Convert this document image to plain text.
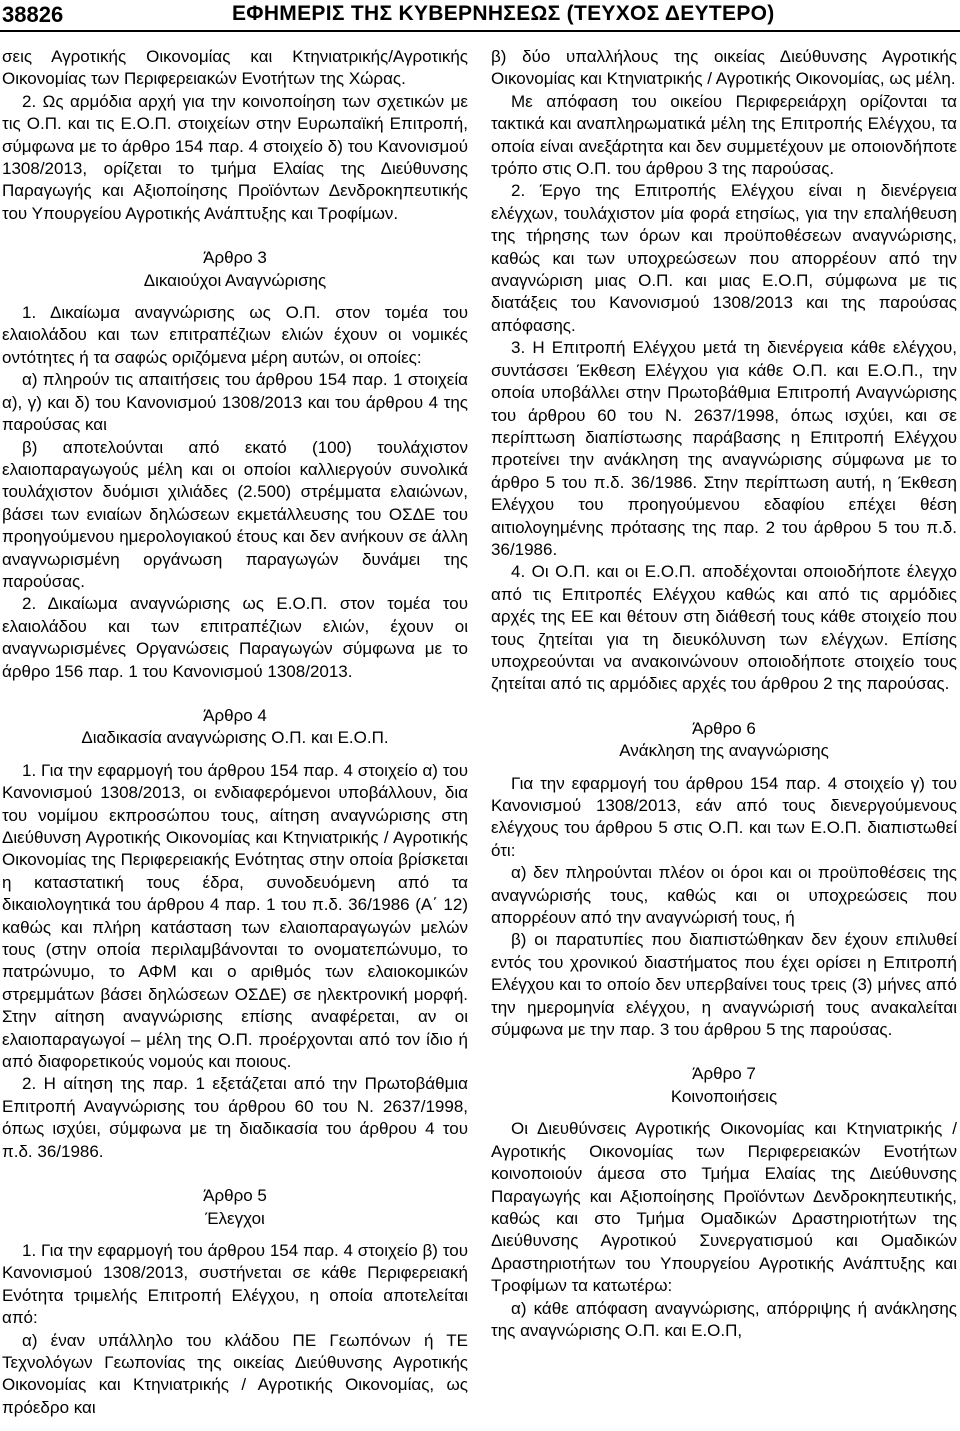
38826	ΕΦΗΜΕΡΙΣ ΤΗΣ ΚΥΒΕΡΝΗΣΕΩΣ (ΤΕΥΧΟΣ ΔΕΥΤΕΡΟ)

σεις Αγροτικής Οικονομίας και Κτηνιατρικής/Αγροτικής Οικονομίας των Περιφερειακών Ενοτήτων της Χώρας.

2. Ως αρμόδια αρχή για την κοινοποίηση των σχετικών με τις Ο.Π. και τις Ε.Ο.Π. στοιχείων στην Ευρωπαϊκή Επιτροπή, σύμφωνα με το άρθρο 154 παρ. 4 στοιχείο δ) του Κανονισμού 1308/2013, ορίζεται το τμήμα Ελαίας της Διεύθυνσης Παραγωγής και Αξιοποίησης Προϊόντων Δενδροκηπευτικής του Υπουργείου Αγροτικής Ανάπτυξης και Τροφίμων.

Άρθρο 3
Δικαιούχοι Αναγνώρισης

1. Δικαίωμα αναγνώρισης ως Ο.Π. στον τομέα του ελαιολάδου και των επιτραπέζιων ελιών έχουν οι νομικές οντότητες ή τα σαφώς οριζόμενα μέρη αυτών, οι οποίες:

α) πληρούν τις απαιτήσεις του άρθρου 154 παρ. 1 στοιχεία α), γ) και δ) του Κανονισμού 1308/2013 και του άρθρου 4 της παρούσας και

β) αποτελούνται από εκατό (100) τουλάχιστον ελαιοπαραγωγούς μέλη και οι οποίοι καλλιεργούν συνολικά τουλάχιστον δυόμισι χιλιάδες (2.500) στρέμματα ελαιώνων, βάσει των ενιαίων δηλώσεων εκμετάλλευσης του ΟΣΔΕ του προηγούμενου ημερολογιακού έτους και δεν ανήκουν σε άλλη αναγνωρισμένη οργάνωση παραγωγών δυνάμει της παρούσας.

2. Δικαίωμα αναγνώρισης ως Ε.Ο.Π. στον τομέα του ελαιολάδου και των επιτραπέζιων ελιών, έχουν οι αναγνωρισμένες Οργανώσεις Παραγωγών σύμφωνα με το άρθρο 156 παρ. 1 του Κανονισμού 1308/2013.

Άρθρο 4
Διαδικασία αναγνώρισης Ο.Π. και Ε.Ο.Π.

1. Για την εφαρμογή του άρθρου 154 παρ. 4 στοιχείο α) του Κανονισμού 1308/2013, οι ενδιαφερόμενοι υποβάλλουν, δια του νομίμου εκπροσώπου τους, αίτηση αναγνώρισης στη Διεύθυνση Αγροτικής Οικονομίας και Κτηνιατρικής / Αγροτικής Οικονομίας της Περιφερειακής Ενότητας στην οποία βρίσκεται η καταστατική τους έδρα, συνοδευόμενη από τα δικαιολογητικά του άρθρου 4 παρ. 1 του π.δ. 36/1986 (Α΄ 12) καθώς και πλήρη κατάσταση των ελαιοπαραγωγών μελών τους (στην οποία περιλαμβάνονται το ονοματεπώνυμο, το πατρώνυμο, το ΑΦΜ και ο αριθμός των ελαιοκομικών στρεμμάτων βάσει δηλώσεων ΟΣΔΕ) σε ηλεκτρονική μορφή. Στην αίτηση αναγνώρισης επίσης αναφέρεται, αν οι ελαιοπαραγωγοί – μέλη της Ο.Π. προέρχονται από τον ίδιο ή από διαφορετικούς νομούς και ποιους.

2. Η αίτηση της παρ. 1 εξετάζεται από την Πρωτοβάθμια Επιτροπή Αναγνώρισης του άρθρου 60 του Ν. 2637/1998, όπως ισχύει, σύμφωνα με τη διαδικασία του άρθρου 4 του π.δ. 36/1986.

Άρθρο 5
Έλεγχοι

1. Για την εφαρμογή του άρθρου 154 παρ. 4 στοιχείο β) του Κανονισμού 1308/2013, συστήνεται σε κάθε Περιφερειακή Ενότητα τριμελής Επιτροπή Ελέγχου, η οποία αποτελείται από:

α) έναν υπάλληλο του κλάδου ΠΕ Γεωπόνων ή ΤΕ Τεχνολόγων Γεωπονίας της οικείας Διεύθυνσης Αγροτικής Οικονομίας και Κτηνιατρικής / Αγροτικής Οικονομίας, ως πρόεδρο και

β) δύο υπαλλήλους της οικείας Διεύθυνσης Αγροτικής Οικονομίας και Κτηνιατρικής / Αγροτικής Οικονομίας, ως μέλη.

Με απόφαση του οικείου Περιφερειάρχη ορίζονται τα τακτικά και αναπληρωματικά μέλη της Επιτροπής Ελέγχου, τα οποία είναι ανεξάρτητα και δεν συμμετέχουν με οποιονδήποτε τρόπο στις Ο.Π. του άρθρου 3 της παρούσας.

2. Έργο της Επιτροπής Ελέγχου είναι η διενέργεια ελέγχων, τουλάχιστον μία φορά ετησίως, για την επαλήθευση της τήρησης των όρων και προϋποθέσεων αναγνώρισης, καθώς και των υποχρεώσεων που απορρέουν από την αναγνώριση μιας Ο.Π. και μιας Ε.Ο.Π, σύμφωνα με τις διατάξεις του Κανονισμού 1308/2013 και της παρούσας απόφασης.

3. Η Επιτροπή Ελέγχου μετά τη διενέργεια κάθε ελέγχου, συντάσσει Έκθεση Ελέγχου για κάθε Ο.Π. και Ε.Ο.Π., την οποία υποβάλλει στην Πρωτοβάθμια Επιτροπή Αναγνώρισης του άρθρου 60 του Ν. 2637/1998, όπως ισχύει, και σε περίπτωση διαπίστωσης παράβασης η Επιτροπή Ελέγχου προτείνει την ανάκληση της αναγνώρισης σύμφωνα με το άρθρο 5 του π.δ. 36/1986. Στην περίπτωση αυτή, η Έκθεση Ελέγχου του προηγούμενου εδαφίου επέχει θέση αιτιολογημένης πρότασης της παρ. 2 του άρθρου 5 του π.δ. 36/1986.

4. Οι Ο.Π. και οι Ε.Ο.Π. αποδέχονται οποιοδήποτε έλεγχο από τις Επιτροπές Ελέγχου καθώς και από τις αρμόδιες αρχές της ΕΕ και θέτουν στη διάθεσή τους κάθε στοιχείο που τους ζητείται για τη διευκόλυνση των ελέγχων. Επίσης υποχρεούνται να ανακοινώνουν οποιοδήποτε στοιχείο τους ζητείται από τις αρμόδιες αρχές του άρθρου 2 της παρούσας.

Άρθρο 6
Ανάκληση της αναγνώρισης

Για την εφαρμογή του άρθρου 154 παρ. 4 στοιχείο γ) του Κανονισμού 1308/2013, εάν από τους διενεργούμενους ελέγχους του άρθρου 5 στις Ο.Π. και των Ε.Ο.Π. διαπιστωθεί ότι:

α) δεν πληρούνται πλέον οι όροι και οι προϋποθέσεις της αναγνώρισής τους, καθώς και οι υποχρεώσεις που απορρέουν από την αναγνώρισή τους, ή

β) οι παρατυπίες που διαπιστώθηκαν δεν έχουν επιλυθεί εντός του χρονικού διαστήματος που έχει ορίσει η Επιτροπή Ελέγχου και το οποίο δεν υπερβαίνει τους τρεις (3) μήνες από την ημερομηνία ελέγχου, η αναγνώρισή τους ανακαλείται σύμφωνα με την παρ. 3 του άρθρου 5 της παρούσας.

Άρθρο 7
Κοινοποιήσεις

Οι Διευθύνσεις Αγροτικής Οικονομίας και Κτηνιατρικής / Αγροτικής Οικονομίας των Περιφερειακών Ενοτήτων κοινοποιούν άμεσα στο Τμήμα Ελαίας της Διεύθυνσης Παραγωγής και Αξιοποίησης Προϊόντων Δενδροκηπευτικής, καθώς και στο Τμήμα Ομαδικών Δραστηριοτήτων της Διεύθυνσης Αγροτικού Συνεργατισμού και Ομαδικών Δραστηριοτήτων του Υπουργείου Αγροτικής Ανάπτυξης και Τροφίμων τα κατωτέρω:

α) κάθε απόφαση αναγνώρισης, απόρριψης ή ανάκλησης της αναγνώρισης Ο.Π. και Ε.Ο.Π,
